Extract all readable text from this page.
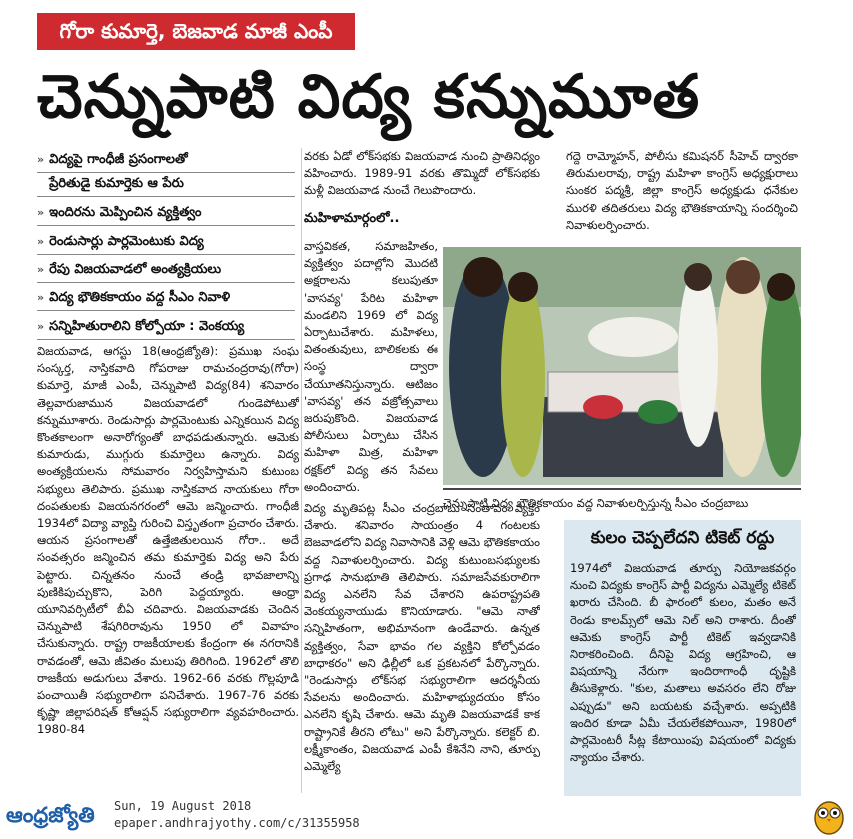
గోరా కుమార్తె, బెజవాడ మాజీ ఎంపీ
చెన్నుపాటి విద్య కన్నుమూత
» విద్యపై గాంధీజీ ప్రసంగాలతో
ప్రేరితుడై కుమార్తెకు ఆ పేరు
» ఇందిరను మెప్పించిన వ్యక్తిత్వం
» రెండుసార్లు పార్లమెంటుకు విద్య
» రేపు విజయవాడలో అంత్యక్రియలు
» విద్య భౌతికకాయం వద్ద సీఎం నివాళి
» సన్నిహితురాలిని కోల్పోయా : వెంకయ్య
విజయవాడ, ఆగస్టు 18(ఆంధ్రజ్యోతి): ప్రముఖ సంఘ సంస్కర్త, నాస్తికవాది గోపరాజు రామచంద్రరావు(గోరా) కుమార్తె, మాజీ ఎంపీ, చెన్నుపాటి విద్య(84) శనివారం తెల్లవారుజామున విజయవాడలో గుండెపోటుతో కన్నుమూశారు. రెండుసార్లు పార్లమెంటుకు ఎన్నికయిన విద్య కొంతకాలంగా అనారోగ్యంతో బాధపడుతున్నారు. ఆమెకు కుమారుడు, ముగ్గురు కుమార్తెలు ఉన్నారు. విద్య అంత్యక్రియలను సోమవారం నిర్వహిస్తామని కుటుంబ సభ్యులు తెలిపారు. ప్రముఖ నాస్తికవాద నాయకులు గోరా దంపతులకు విజయనగరంలో ఆమె జన్మించారు. గాంధీజీ 1934లో విద్యా వ్యాప్తి గురించి విస్తృతంగా ప్రచారం చేశారు. ఆయన ప్రసంగాలతో ఉత్తేజితులయిన గోరా.. అదే సంవత్సరం జన్మించిన తమ కుమార్తెకు విద్య అని పేరు పెట్టారు. చిన్నతనం నుంచే తండ్రి భావజాలాన్ని పుణికిపుచ్చుకొని, పెరిగి పెద్దయ్యారు. ఆంధ్రా యూనివర్సిటీలో బీఏ చదివారు. విజయవాడకు చెందిన చెన్నుపాటి శేషగిరిరావును 1950 లో వివాహం చేసుకున్నారు. రాష్ట్ర రాజకీయాలకు కేంద్రంగా ఈ నగరానికి రావడంతో, ఆమె జీవితం మలుపు తిరిగింది. 1962లో తొలి రాజకీయ అడుగులు వేశారు. 1962-66 వరకు గొల్లపూడి పంచాయితీ సభ్యురాలిగా పనిచేశారు. 1967-76 వరకు కృష్ణా జిల్లాపరిషత్‌ కోఆప్షన్‌ సభ్యురాలిగా వ్యవహరించారు. 1980-84
వరకు ఏడో లోక్‌సభకు విజయవాడ నుంచి ప్రాతినిధ్యం వహించారు. 1989-91 వరకు తొమ్మిదో లోక్‌సభకు మళ్లీ విజయవాడ నుంచే గెలుపొందారు.
మహిళామార్గంలో..
వాస్తవికత, సమాజహితం, వ్యక్తిత్వం పదాల్లోని మొదటి అక్షరాలను కలుపుతూ 'వాసవ్య' పేరిట మహిళా మండలిని 1969 లో విద్య ఏర్పాటుచేశారు. మహిళలు, వితంతువులు, బాలికలకు ఈ సంస్థ ద్వారా చేయూతనిస్తున్నారు. ఆటిజం 'వాసవ్య' తన వజ్రోత్సవాలు జరుపుకొంది. విజయవాడ పోలీసులు ఏర్పాటు చేసిన మహిళా మిత్ర, మహిళా రక్షక్‌లో విద్య తన సేవలు అందించారు.
విద్య మృతిపట్ల సీఎం చంద్రబాబు సంతాపం వ్యక్తం చేశారు. శనివారం సాయంత్రం 4 గంటలకు బెజవాడలోని విద్య నివాసానికి వెళ్లి ఆమె భౌతికకాయం వద్ద నివాళులర్పించారు. విద్య కుటుంబసభ్యులకు ప్రగాఢ సానుభూతి తెలిపారు. సమాజసేవకురాలిగా విద్య ఎనలేని సేవ చేశారని ఉపరాష్ట్రపతి వెంకయ్యనాయుడు కొనియాడారు. "ఆమె నాతో సన్నిహితంగా, అభిమానంగా ఉండేవారు. ఉన్నత వ్యక్తిత్వం, సేవా భావం గల వ్యక్తిని కోల్పోవడం బాధాకరం" అని ఢిల్లీలో ఒక ప్రకటనలో పేర్కొన్నారు. "రెండుసార్లు లోక్‌సభ సభ్యురాలిగా ఆదర్శనీయ సేవలను అందించారు. మహిళాభ్యుదయం కోసం ఎనలేని కృషి చేశారు. ఆమె మృతి విజయవాడకే కాక రాష్ట్రానికే తీరని లోటు" అని పేర్కొన్నారు. కలెక్టర్‌ బి. లక్ష్మీకాంతం, విజయవాడ ఎంపీ కేశినేని నాని, తూర్పు ఎమ్మెల్యే
గద్దె రామ్మోహన్‌, పోలీసు కమిషనర్‌ సీహెచ్‌ ద్వారకా తిరుమలరావు, రాష్ట్ర మహిళా కాంగ్రెస్‌ అధ్యక్షురాలు సుంకర పద్మశ్రీ, జిల్లా కాంగ్రెస్‌ అధ్యక్షుడు ధనేకుల మురళి తదితరులు విద్య భౌతికకాయాన్ని సందర్శించి నివాళులర్పించారు.
చెన్నుపాటి విద్య భౌతికకాయం వద్ద నివాళులర్పిస్తున్న సీఎం చంద్రబాబు
కులం చెప్పలేదని టికెట్‌ రద్దు
1974లో విజయవాడ తూర్పు నియోజకవర్గం నుంచి విద్యకు కాంగ్రెస్‌ పార్టీ విద్యను ఎమ్మెల్యే టికెట్‌ ఖరారు చేసింది. బీ ఫారంలో కులం, మతం అనే రెండు కాలమ్స్‌లో ఆమె నిల్‌ అని రాశారు. దీంతో ఆమెకు కాంగ్రెస్‌ పార్టీ టికెట్‌ ఇవ్వడానికి నిరాకరించింది. దీనిపై విద్య ఆగ్రహించి, ఆ విషయాన్ని నేరుగా ఇందిరాగాంధీ దృష్టికి తీసుకెళ్లారు. "కుల, మతాలు అవసరం లేని రోజు ఎప్పుడు" అని బయటకు వచ్చేశారు. అప్పటికి ఇందిర కూడా ఏమీ చేయలేకపోయినా, 1980లో పార్లమెంటరీ సీట్ల కేటాయింపు విషయంలో విద్యకు న్యాయం చేశారు.
ఆంధ్రజ్యోతి	Sun, 19 August 2018
epaper.andhrajyothy.com/c/31355958
